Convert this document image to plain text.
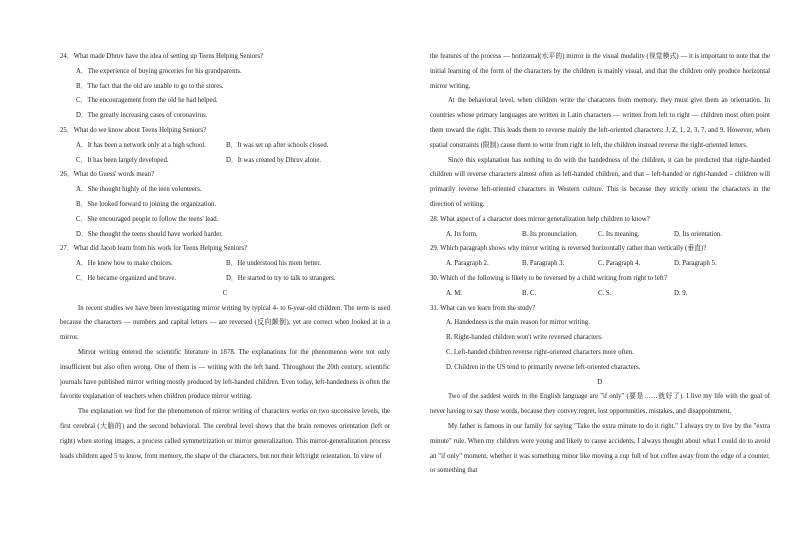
24．What made Dhruv have the idea of setting up Teens Helping Seniors?

A．The experience of buying groceries for his grandparents.

B．The fact that the old are unable to go to the stores.

C．The encouragement from the old he had helped.

D．The greatly increasing cases of coronavirus.

25．What do we know about Teens Helping Seniors?

A．It has been a network only at a high school.	B．It was set up after schools closed.
C．It has been largely developed.	D．It was created by Dhruv alone.

26．What do Guess' words mean?

A．She thought highly of the teen volunteers.

B．She looked forward to joining the organization.

C．She encouraged people to follow the teens' lead.

D．She thought the teens should have worked harder.

27．What did Jacob learn from his work for Teens Helping Seniors?

A．He knew how to make choices.	B．He understood his mom better.
C．He became organized and brave.	D．He started to try to talk to strangers.

C

In recent studies we have been investigating mirror writing by typical 4- to 6-year-old children. The term is used because the characters — numbers and capital letters — are reversed (反向颠倒), yet are correct when looked at in a mirror.

Mirror writing entered the scientific literature in 1878. The explanations for the phenomenon were not only insufficient but also often wrong. One of them is — writing with the left hand. Throughout the 20th century, scientific journals have published mirror writing mostly produced by left-handed children. Even today, left-handedness is often the favorite explanation of teachers when children produce mirror writing.

The explanation we find for the phenomenon of mirror writing of characters works on two successive levels, the first cerebral (大脑的) and the second behavioral. The cerebral level shows that the brain removes orientation (left or right) when storing images, a process called symmetrization or mirror generalization. This mirror-generalization process leads children aged 5 to know, from memory, the shape of the characters, but not their left/right orientation. In view of

the features of the process — horizontal(水平的) mirror in the visual modality (视觉模式) — it is important to note that the initial learning of the form of the characters by the children is mainly visual, and that the children only produce horizontal mirror writing.

At the behavioral level, when children write the characters from memory, they must give them an orientation. In countries whose primary languages are written in Latin characters — written from left to right — children most often point them toward the right. This leads them to reverse mainly the left-oriented characters: J, Z, 1, 2, 3, 7, and 9. However, when spatial constraints (限制) cause them to write from right to left, the children instead reverse the right-oriented letters.

Since this explanation has nothing to do with the handedness of the children, it can be predicted that right-handed children will reverse characters almost often as left-handed children, and that – left-handed or right-handed – children will primarily reverse left-oriented characters in Western culture. This is because they strictly orient the characters in the direction of writing.

28. What aspect of a character does mirror generalization help children to know?

A. Its form.	B. Its pronunciation.	C. Its meaning.	D. Its orientation.

29. Which paragraph shows why mirror writing is reversed horizontally rather than vertically (垂直)?

A. Paragraph 2.	B. Paragraph 3.	C. Paragraph 4.	D. Paragraph 5.

30. Which of the following is likely to be reversed by a child writing from right to left?

A. M.	B. C.	C. S.	D. 9.

31. What can we learn from the study?

A. Handedness is the main reason for mirror writing.

B. Right-handed children won't write reversed characters.

C. Left-handed children reverse right-oriented characters more often.

D. Children in the US tend to primarily reverse left-oriented characters.

D

Two of the saddest words in the English language are "if only" (要是……就好了). I live my life with the goal of never having to say those words, because they convey regret, lost opportunities, mistakes, and disappointment.

My father is famous in our family for saying "Take the extra minute to do it right." I always try to live by the "extra minute" rule. When my children were young and likely to cause accidents, I always thought about what I could do to avoid an "if only" moment, whether it was something minor like moving a cup full of hot coffee away from the edge of a counter, or something that
